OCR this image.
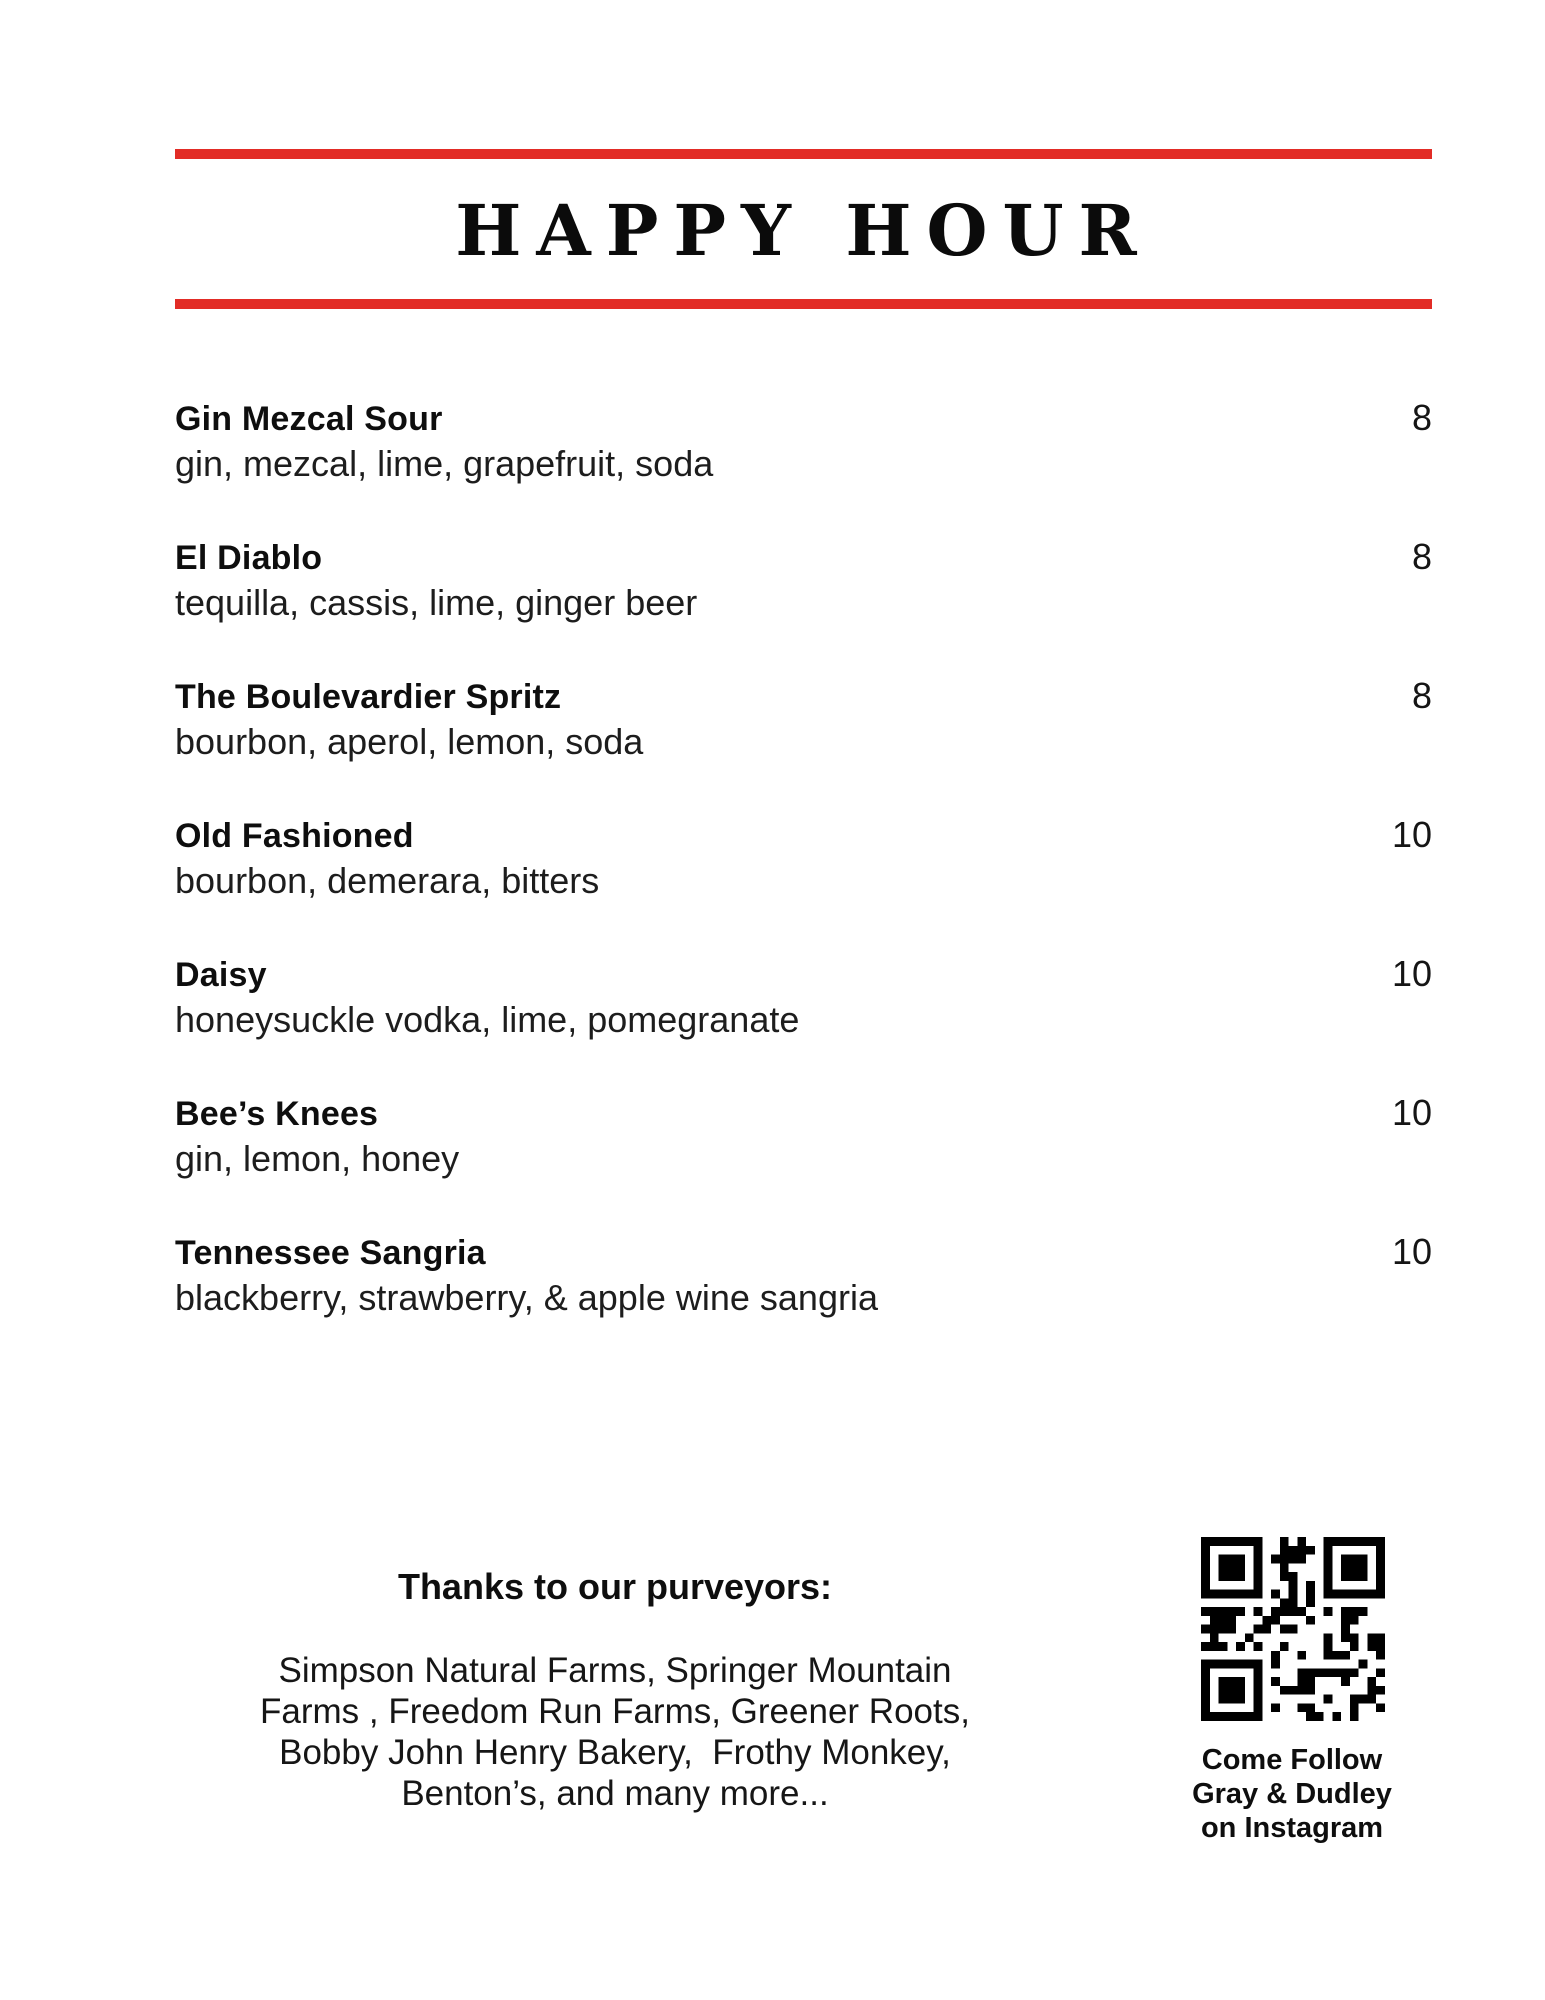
HAPPY HOUR
Gin Mezcal Sour	8
gin, mezcal, lime, grapefruit, soda
El Diablo	8
tequilla, cassis, lime, ginger beer
The Boulevardier Spritz	8
bourbon, aperol, lemon, soda
Old Fashioned	10
bourbon, demerara, bitters
Daisy	10
honeysuckle vodka, lime, pomegranate
Bee’s Knees	10
gin, lemon, honey
Tennessee Sangria	10
blackberry, strawberry, & apple wine sangria
Thanks to our purveyors:
Simpson Natural Farms, Springer Mountain
Farms , Freedom Run Farms, Greener Roots,
Bobby John Henry Bakery,  Frothy Monkey,
Benton’s, and many more...
Come Follow
Gray & Dudley
on Instagram
